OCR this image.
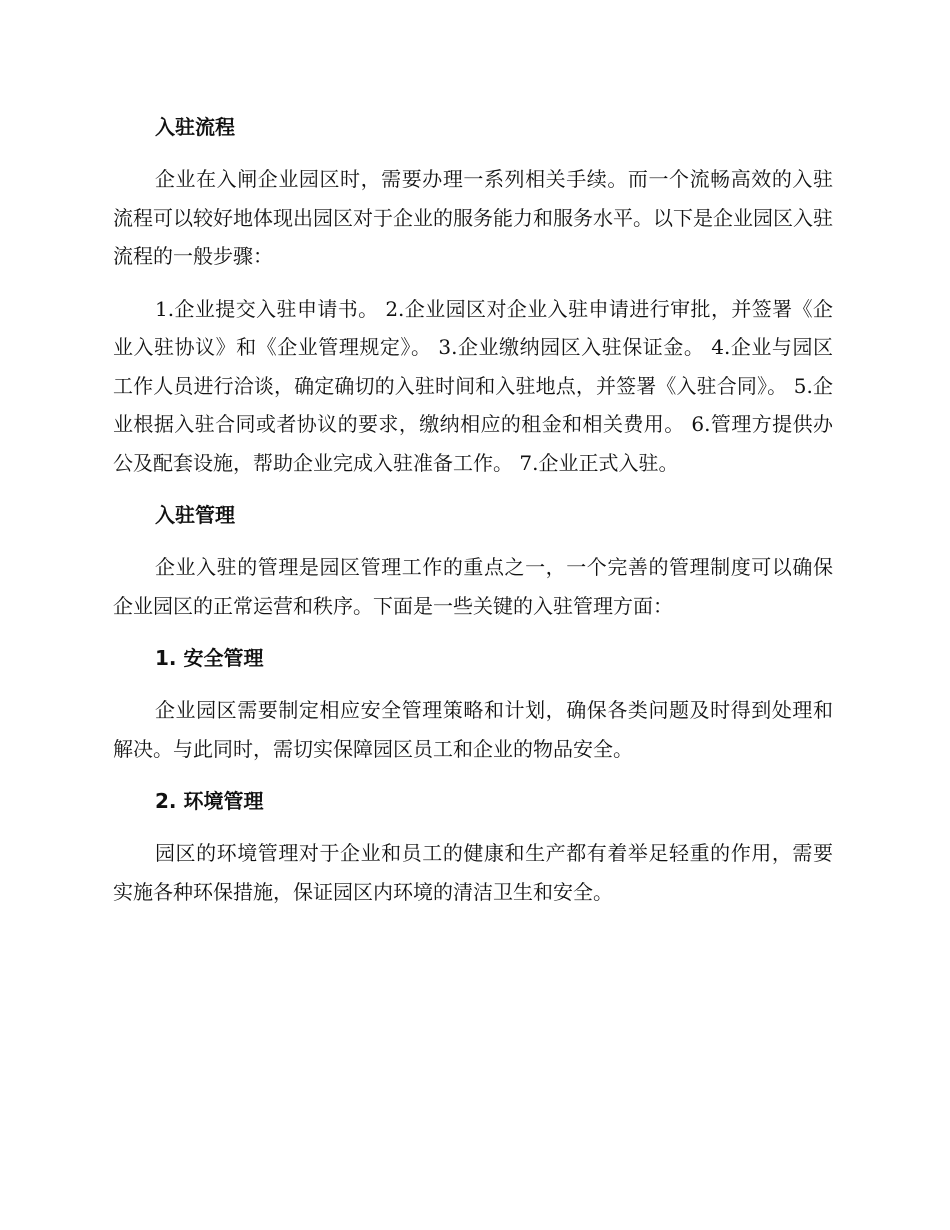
入驻流程

企业在入闸企业园区时，需要办理一系列相关手续。而一个流畅高效的入驻流程可以较好地体现出园区对于企业的服务能力和服务水平。以下是企业园区入驻流程的一般步骤：

1.企业提交入驻申请书。 2.企业园区对企业入驻申请进行审批，并签署《企业入驻协议》和《企业管理规定》。 3.企业缴纳园区入驻保证金。 4.企业与园区工作人员进行洽谈，确定确切的入驻时间和入驻地点，并签署《入驻合同》。 5.企业根据入驻合同或者协议的要求，缴纳相应的租金和相关费用。 6.管理方提供办公及配套设施，帮助企业完成入驻准备工作。 7.企业正式入驻。

入驻管理

企业入驻的管理是园区管理工作的重点之一，一个完善的管理制度可以确保企业园区的正常运营和秩序。下面是一些关键的入驻管理方面：

1. 安全管理

企业园区需要制定相应安全管理策略和计划，确保各类问题及时得到处理和解决。与此同时，需切实保障园区员工和企业的物品安全。

2. 环境管理

园区的环境管理对于企业和员工的健康和生产都有着举足轻重的作用，需要实施各种环保措施，保证园区内环境的清洁卫生和安全。
